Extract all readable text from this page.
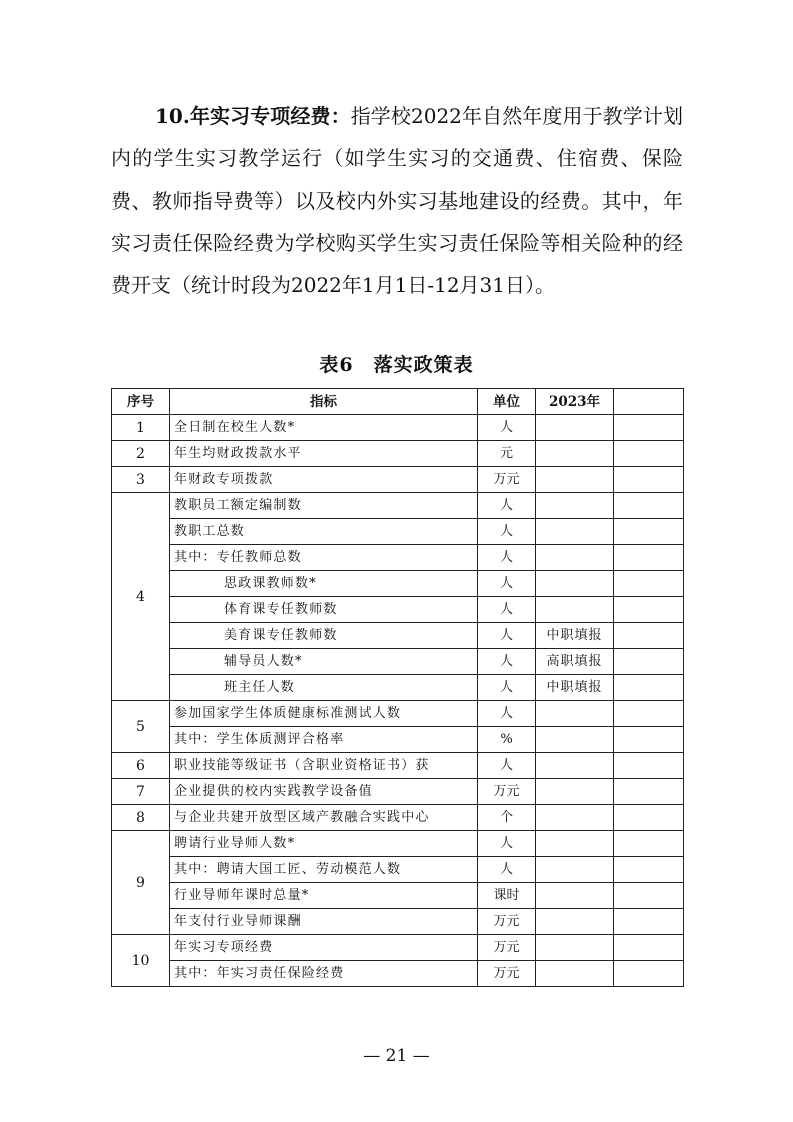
10.年实习专项经费：指学校2022年自然年度用于教学计划内的学生实习教学运行（如学生实习的交通费、住宿费、保险费、教师指导费等）以及校内外实习基地建设的经费。其中，年实习责任保险经费为学校购买学生实习责任保险等相关险种的经费开支（统计时段为2022年1月1日-12月31日）。

表6　落实政策表
序号	指标	单位	2023年	
1	全日制在校生人数*	人		
2	年生均财政拨款水平	元		
3	年财政专项拨款	万元		
4	教职员工额定编制数	人		
	教职工总数	人		
	其中：专任教师总数	人		
	思政课教师数*	人		
	体育课专任教师数	人		
	美育课专任教师数	人	中职填报	
	辅导员人数*	人	高职填报	
	班主任人数	人	中职填报	
5	参加国家学生体质健康标准测试人数	人		
	其中：学生体质测评合格率	%		
6	职业技能等级证书（含职业资格证书）获	人		
7	企业提供的校内实践教学设备值	万元		
8	与企业共建开放型区域产教融合实践中心	个		
9	聘请行业导师人数*	人		
	其中：聘请大国工匠、劳动模范人数	人		
	行业导师年课时总量*	课时		
	年支付行业导师课酬	万元		
10	年实习专项经费	万元		
	其中：年实习责任保险经费	万元		
— 21 —
